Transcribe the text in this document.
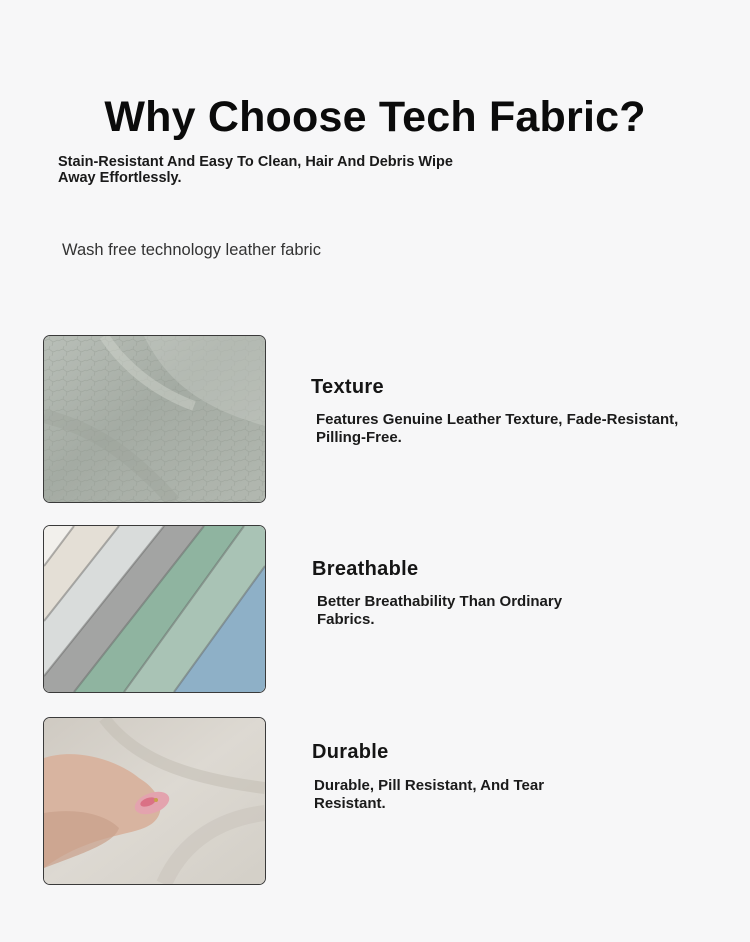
Why Choose Tech Fabric?
Stain-Resistant And Easy To Clean, Hair And Debris Wipe Away Effortlessly.
Wash free technology leather fabric
Texture
Features Genuine Leather Texture, Fade-Resistant, Pilling-Free.
Breathable
Better Breathability Than Ordinary Fabrics.
Durable
Durable, Pill Resistant, And Tear Resistant.
